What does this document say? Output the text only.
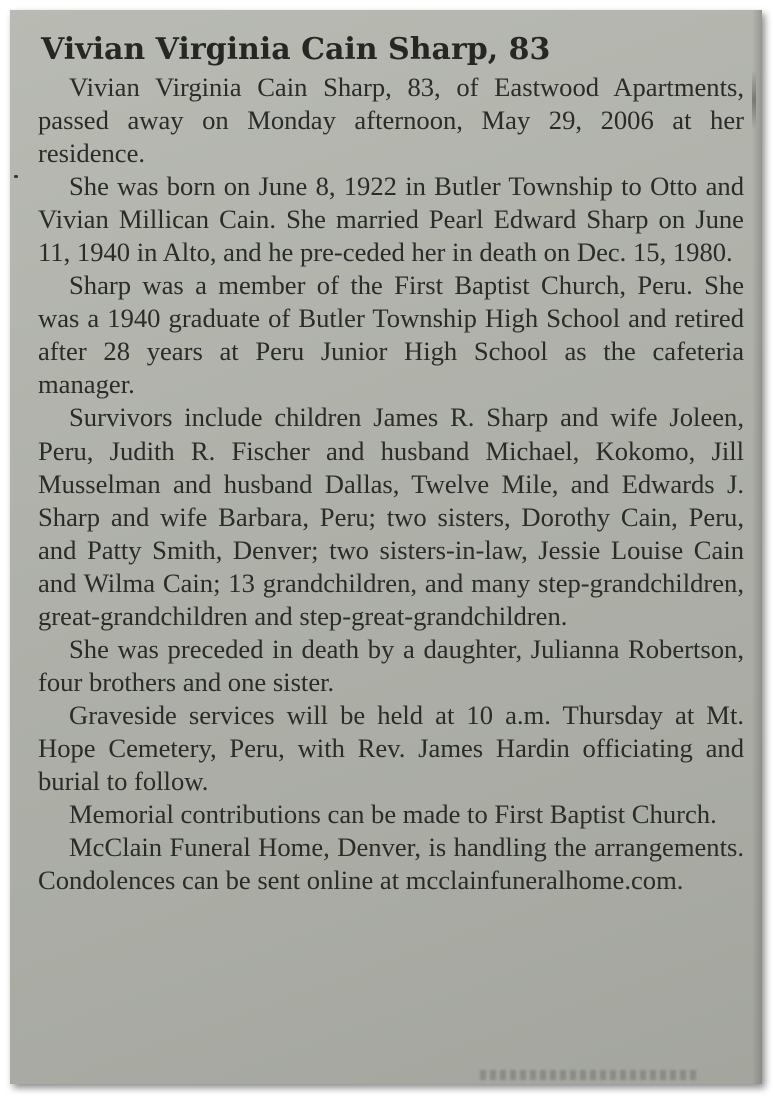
Vivian Virginia Cain Sharp, 83

Vivian Virginia Cain Sharp, 83, of Eastwood Apartments, passed away on Monday afternoon, May 29, 2006 at her residence.

She was born on June 8, 1922 in Butler Township to Otto and Vivian Millican Cain. She married Pearl Edward Sharp on June 11, 1940 in Alto, and he pre-ceded her in death on Dec. 15, 1980.

Sharp was a member of the First Baptist Church, Peru. She was a 1940 graduate of Butler Township High School and retired after 28 years at Peru Junior High School as the cafeteria manager.

Survivors include children James R. Sharp and wife Joleen, Peru, Judith R. Fischer and husband Michael, Kokomo, Jill Musselman and husband Dallas, Twelve Mile, and Edwards J. Sharp and wife Barbara, Peru; two sisters, Dorothy Cain, Peru, and Patty Smith, Denver; two sisters-in-law, Jessie Louise Cain and Wilma Cain; 13 grandchildren, and many step-grandchildren, great-grandchildren and step-great-grandchildren.

She was preceded in death by a daughter, Julianna Robertson, four brothers and one sister.

Graveside services will be held at 10 a.m. Thursday at Mt. Hope Cemetery, Peru, with Rev. James Hardin officiating and burial to follow.

Memorial contributions can be made to First Baptist Church.

McClain Funeral Home, Denver, is handling the arrangements. Condolences can be sent online at mcclainfuneralhome.com.
